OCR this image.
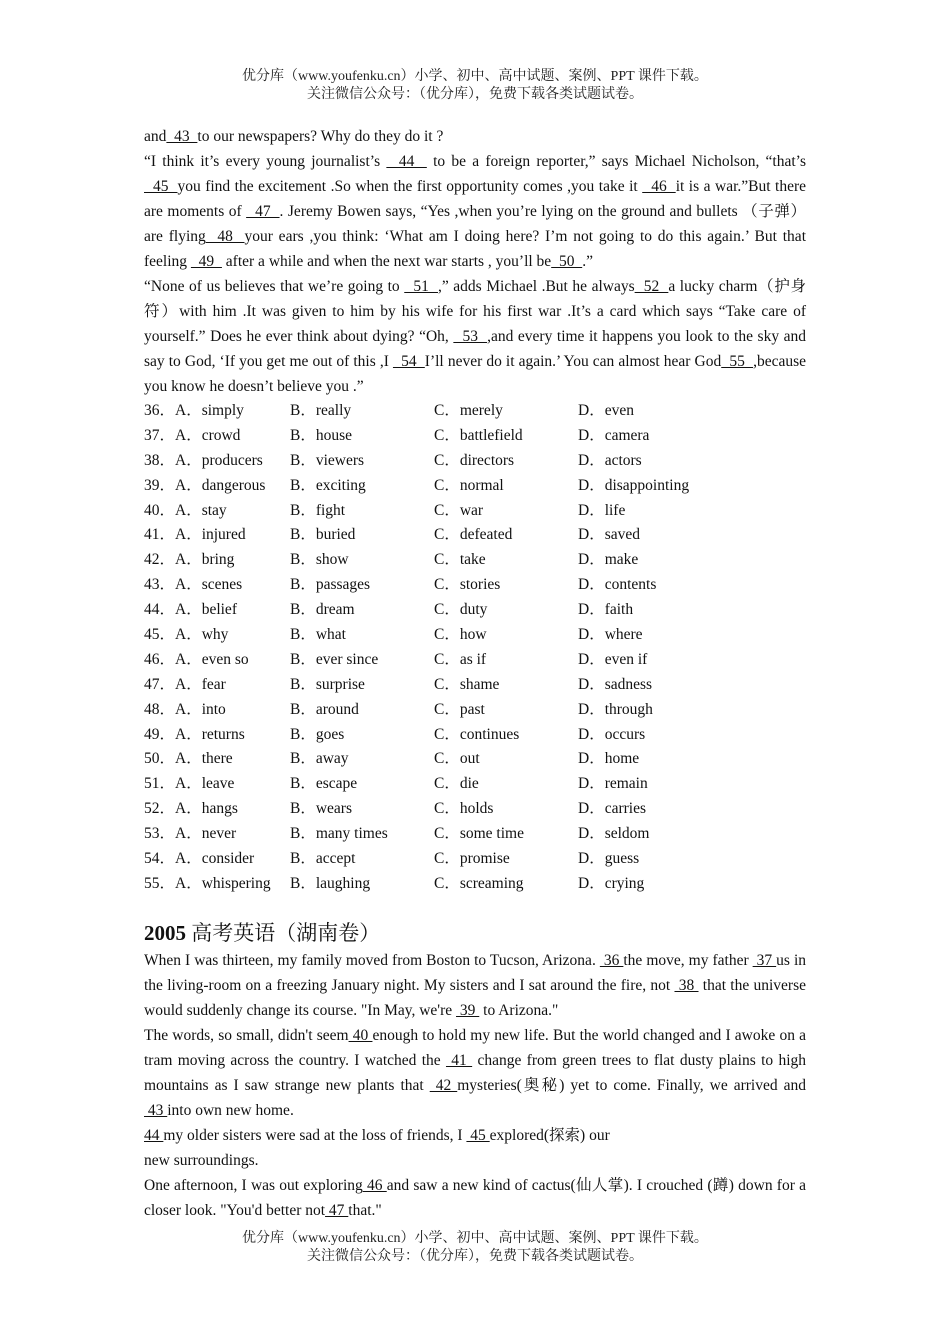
优分库（www.youfenku.cn）小学、初中、高中试题、案例、PPT 课件下载。
关注微信公众号：（优分库），免费下载各类试题试卷。

and  43  to our newspapers? Why do they do it ?

“I think it’s every young journalist’s   44   to be a foreign reporter,” says Michael Nicholson, “that’s   45  you find the excitement .So when the first opportunity comes ,you take it   46  it is a war.”But there are moments of   47  . Jeremy Bowen says, “Yes ,when you’re lying on the ground and bullets （子弹）are flying  48  your ears ,you think: ‘What am I doing here? I’m not going to do this again.’ But that feeling   49   after a while and when the next war starts , you’ll be  50  .”

“None of us believes that we’re going to   51  ,” adds Michael .But he always  52  a lucky charm（护身符）with him .It was given to him by his wife for his first war .It’s a card which says “Take care of yourself.” Does he ever think about dying? “Oh,   53  ,and every time it happens you look to the sky and say to God, ‘If you get me out of this ,I   54  I’ll never do it again.’ You can almost hear God  55  ,because you know he doesn’t believe you .”

36．A．simply	B．really	C．merely	D．even
37．A．crowd	B．house	C．battlefield	D．camera
38．A．producers B．viewers	C．directors	D．actors
39．A．dangerous B．exciting	C．normal	D．disappointing
40．A．stay	B．fight	C．war	D．life
41．A．injured	B．buried	C．defeated	D．saved
42．A．bring	B．show	C．take	D．make
43．A．scenes	B．passages	C．stories	D．contents
44．A．belief	B．dream	C．duty	D．faith
45．A．why	B．what	C．how	D．where
46．A．even so	B．ever since	C．as if	D．even if
47．A．fear	B．surprise	C．shame	D．sadness
48．A．into	B．around	C．past	D．through
49．A．returns	B．goes	C．continues	D．occurs
50．A．there	B．away	C．out	D．home
51．A．leave	B．escape	C．die	D．remain
52．A．hangs	B．wears	C．holds	D．carries
53．A．never	B．many times	C．some time	D．seldom
54．A．consider B．accept	C．promise	D．guess
55．A．whispering B．laughing	C．screaming	D．crying
2005 高考英语（湖南卷）

When I was thirteen, my family moved from Boston to Tucson, Arizona.  36 the move, my father  37 us in the living-room on a freezing January night. My sisters and I sat around the fire, not  38  that the universe would suddenly change its course. "In May, we're  39  to Arizona."

The words, so small, didn't seem 40 enough to hold my new life. But the world changed and I awoke on a tram moving across the country. I watched the  41  change from green trees to flat dusty plains to high mountains as I saw strange new plants that  42 mysteries(奥秘) yet to come. Finally, we arrived and  43 into own new home.

44 my older sisters were sad at the loss of friends, I  45 explored(探索) our

new surroundings.

One afternoon, I was out exploring 46 and saw a new kind of cactus(仙人掌). I crouched (蹲) down for a closer look. "You'd better not 47 that."

优分库（www.youfenku.cn）小学、初中、高中试题、案例、PPT 课件下载。
关注微信公众号：（优分库），免费下载各类试题试卷。
